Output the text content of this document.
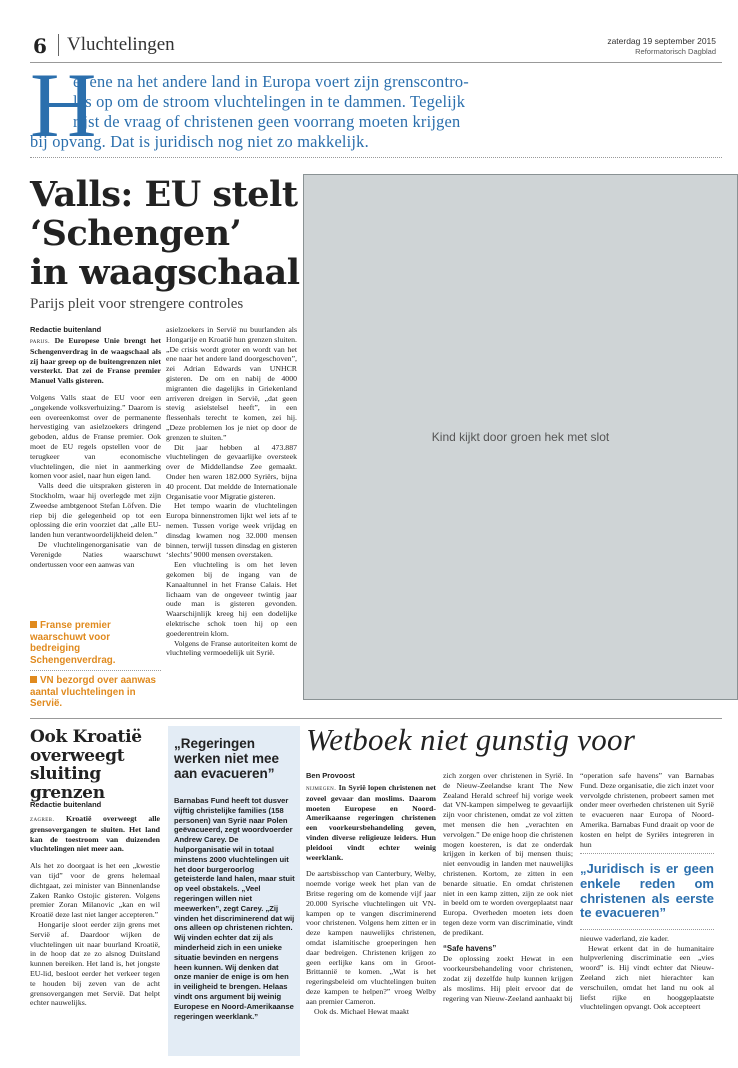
6	Vluchtelingen	zaterdag 19 september 2015
Reformatorisch Dagblad
H
et ene na het andere land in Europa voert zijn grenscontro-
les op om de stroom vluchtelingen in te dammen. Tegelijk
rijst de vraag of christenen geen voorrang moeten krijgen
bij opvang. Dat is juridisch nog niet zo makkelijk.
Valls: EU stelt
‘Schengen’
in waagschaal
Parijs pleit voor strengere controles
Redactie buitenland

parijs. De Europese Unie brengt het Schengenverdrag in de waagschaal als zij haar greep op de buitengrenzen niet versterkt. Dat zei de Franse premier Manuel Valls gisteren.

Volgens Valls staat de EU voor een „ongekende volksverhuizing.” Daarom is een overeenkomst over de permanente hervestiging van asielzoekers dringend geboden, aldus de Franse premier. Ook moet de EU regels opstellen voor de terugkeer van economische vluchtelingen, die niet in aanmerking komen voor asiel, naar hun eigen land.

Valls deed die uitspraken gisteren in Stockholm, waar hij overlegde met zijn Zweedse ambtgenoot Stefan Löfven. Die riep bij die gelegenheid op tot een oplossing die erin voorziet dat „alle EU-landen hun verantwoordelijkheid delen.”

De vluchtelingenorganisatie van de Verenigde Naties waarschuwt ondertussen voor een aanwas van

Franse premier waarschuwt voor bedreiging Schengenverdrag.
VN bezorgd over aanwas aantal vluchtelingen in Servië.

asielzoekers in Servië nu buurlanden als Hongarije en Kroatië hun grenzen sluiten. „De crisis wordt groter en wordt van het ene naar het andere land doorgeschoven”, zei Adrian Edwards van UNHCR gisteren. De om en nabij de 4000 migranten die dagelijks in Griekenland arriveren dreigen in Servië, „dat geen stevig asielstelsel heeft”, in een flessenhals terecht te komen, zei hij. „Deze problemen los je niet op door de grenzen te sluiten.”

Dit jaar hebben al 473.887 vluchtelingen de gevaarlijke oversteek over de Middellandse Zee gemaakt. Onder hen waren 182.000 Syriërs, bijna 40 procent. Dat meldde de Internationale Organisatie voor Migratie gisteren.

Het tempo waarin de vluchtelingen Europa binnenstromen lijkt wel iets af te nemen. Tussen vorige week vrijdag en dinsdag kwamen nog 32.000 mensen binnen, terwijl tussen dinsdag en gisteren ‘slechts’ 9000 mensen overstaken.

Een vluchteling is om het leven gekomen bij de ingang van de Kanaaltunnel in het Franse Calais. Het lichaam van de ongeveer twintig jaar oude man is gisteren gevonden. Waarschijnlijk kreeg hij een dodelijke elektrische schok toen hij op een goederentrein klom.

Volgens de Franse autoriteiten komt de vluchteling vermoedelijk uit Syrië.

Kind kijkt door groen hek met slot
Ook Kroatië overweegt sluiting grenzen
Redactie buitenland

zagreb. Kroatië overweegt alle grensovergangen te sluiten. Het land kan de toestroom van duizenden vluchtelingen niet meer aan.

Als het zo doorgaat is het een „kwestie van tijd” voor de grens helemaal dichtgaat, zei minister van Binnenlandse Zaken Ranko Ostojic gisteren. Volgens premier Zoran Milanovic „kan en wil Kroatië deze last niet langer accepteren.”

Hongarije sloot eerder zijn grens met Servië af. Daardoor wijken de vluchtelingen uit naar buurland Kroatië, in de hoop dat ze zo alsnog Duitsland kunnen bereiken. Het land is, het jongste EU-lid, besloot eerder het verkeer tegen te houden bij zeven van de acht grensovergangen met Servië. Dat helpt echter nauwelijks.

„Regeringen werken niet mee aan evacueren”
Barnabas Fund heeft tot dusver vijftig christelijke families (158 personen) van Syrië naar Polen geëvacueerd, zegt woordvoerder Andrew Carey. De hulporganisatie wil in totaal minstens 2000 vluchtelingen uit het door burgeroorlog geteisterde land halen, maar stuit op veel obstakels. „Veel regeringen willen niet meewerken”, zegt Carey. „Zij vinden het discriminerend dat wij ons alleen op christenen richten. Wij vinden echter dat zij als minderheid zich in een unieke situatie bevinden en nergens heen kunnen. Wij denken dat onze manier de enige is om hen in veiligheid te brengen. Helaas vindt ons argument bij weinig Europese en Noord-Amerikaanse regeringen weerklank.”
Wetboek niet gunstig voor
Ben Provoost

nijmegen. In Syrië lopen christenen net zoveel gevaar dan moslims. Daarom moeten Europese en Noord-Amerikaanse regeringen christenen een voorkeursbehandeling geven, vinden diverse religieuze leiders. Hun pleidooi vindt echter weinig weerklank.

De aartsbisschop van Canterbury, Welby, noemde vorige week het plan van de Britse regering om de komende vijf jaar 20.000 Syrische vluchtelingen uit VN-kampen op te vangen discriminerend voor christenen. Volgens hem zitten er in deze kampen nauwelijks christenen, omdat islamitische groeperingen hen daar bedreigen. Christenen krijgen zo geen eerlijke kans om in Groot-Brittannië te komen. „Wat is het regeringsbeleid om vluchtelingen buiten deze kampen te helpen?” vroeg Welby aan premier Cameron.

Ook ds. Michael Hewat maakt

zich zorgen over christenen in Syrië. In de Nieuw-Zeelandse krant The New Zealand Herald schreef hij vorige week dat VN-kampen simpelweg te gevaarlijk zijn voor christenen, omdat ze vol zitten met mensen die hen „verachten en vervolgen.” De enige hoop die christenen mogen koesteren, is dat ze onderdak krijgen in kerken of bij mensen thuis; niet eenvoudig in landen met nauwelijks christenen. Kortom, ze zitten in een benarde situatie. En omdat christenen niet in een kamp zitten, zijn ze ook niet in beeld om te worden overgeplaatst naar Europa. Overheden moeten iets doen tegen deze vorm van discriminatie, vindt de predikant.

“Safe havens”

De oplossing zoekt Hewat in een voorkeursbehandeling voor christenen, zodat zij dezelfde hulp kunnen krijgen als moslims. Hij pleit ervoor dat de regering van Nieuw-Zeeland aanhaakt bij

“operation safe havens” van Barnabas Fund. Deze organisatie, die zich inzet voor vervolgde christenen, probeert samen met onder meer overheden christenen uit Syrië te evacueren naar Europa of Noord-Amerika. Barnabas Fund draait op voor de kosten en helpt de Syriërs integreren in hun

„Juridisch is er geen enkele reden om christenen als eerste te evacueren”

nieuwe vaderland, zie kader.

Hewat erkent dat in de humanitaire hulpverlening discriminatie een „vies woord” is. Hij vindt echter dat Nieuw-Zeeland zich niet hierachter kan verschuilen, omdat het land nu ook al liefst rijke en hooggeplaatste vluchtelingen opvangt. Ook accepteert
